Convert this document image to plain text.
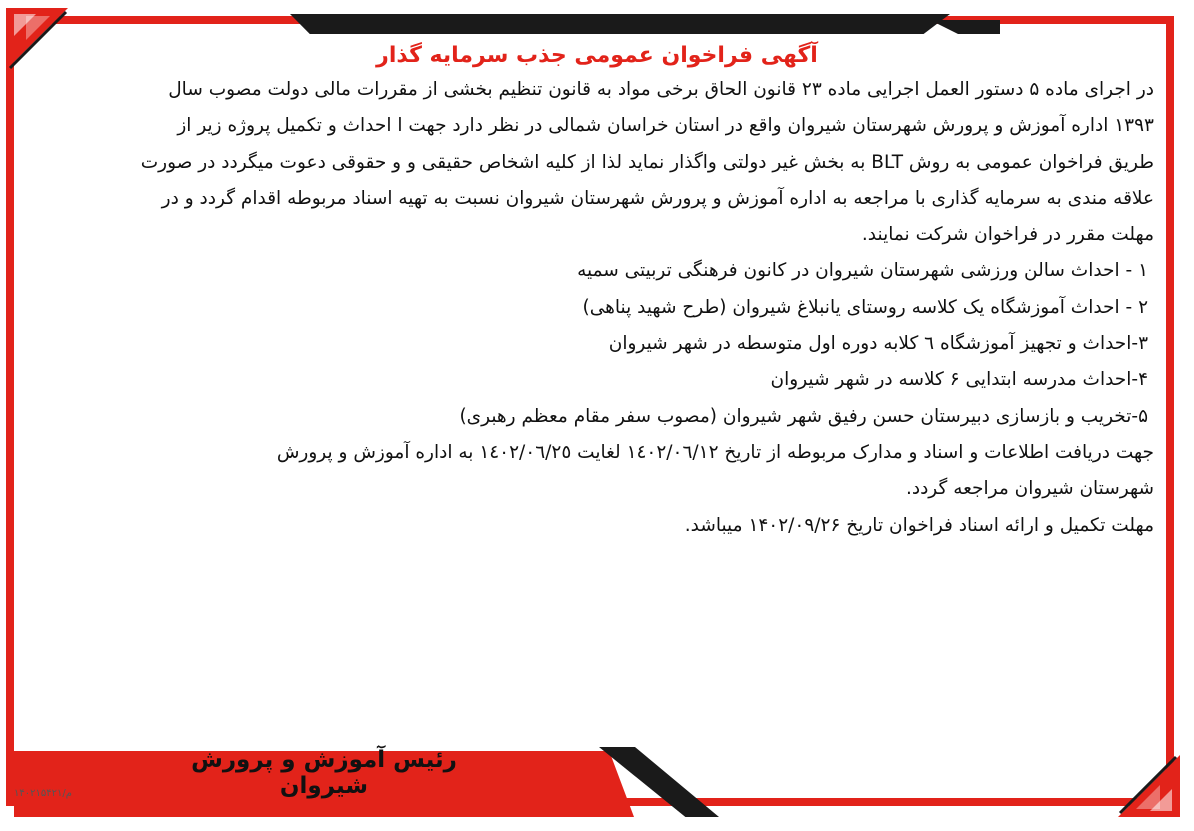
آگهی فراخوان عمومی جذب سرمایه گذار

در اجرای ماده ۵ دستور العمل اجرایی ماده ۲۳ قانون الحاق برخی مواد به قانون تنظیم بخشی از مقررات مالی دولت مصوب سال

۱۳۹۳ اداره آموزش و پرورش شهرستان شیروان واقع در استان خراسان شمالی در نظر دارد جهت ا احداث و تکمیل پروژه زیر از

طریق فراخوان عمومی به روش BLT به بخش غیر دولتی واگذار نماید لذا از کلیه اشخاص حقیقی و و حقوقی دعوت میگردد در صورت

علاقه مندی به سرمایه گذاری با مراجعه به اداره آموزش و پرورش شهرستان شیروان نسبت به تهیه اسناد مربوطه اقدام گردد و در

مهلت مقرر در فراخوان شرکت نمایند.

۱ - احداث سالن ورزشی شهرستان شیروان در کانون فرهنگی تربیتی سمیه
۲ - احداث آموزشگاه یک کلاسه روستای یانبلاغ شیروان (طرح شهید پناهی)
۳-احداث و تجهیز آموزشگاه ٦ کلابه دوره اول متوسطه در شهر شیروان
۴-احداث مدرسه ابتدایی ۶ کلاسه در شهر شیروان
۵-تخریب و بازسازی دبیرستان حسن رفیق شهر شیروان (مصوب سفر مقام معظم رهبری)

جهت دریافت اطلاعات و اسناد و مدارک مربوطه از تاریخ ١٤٠٢/٠٦/١٢ لغایت ١٤٠٢/٠٦/٢٥ به اداره آموزش و پرورش

شهرستان شیروان مراجعه گردد.

مهلت تکمیل و ارائه اسناد فراخوان تاریخ ۱۴۰۲/۰۹/۲۶ میباشد.

رئیس آموزش و پرورش شیروان
م/۱۴۰۲۱۵۴۲۱
